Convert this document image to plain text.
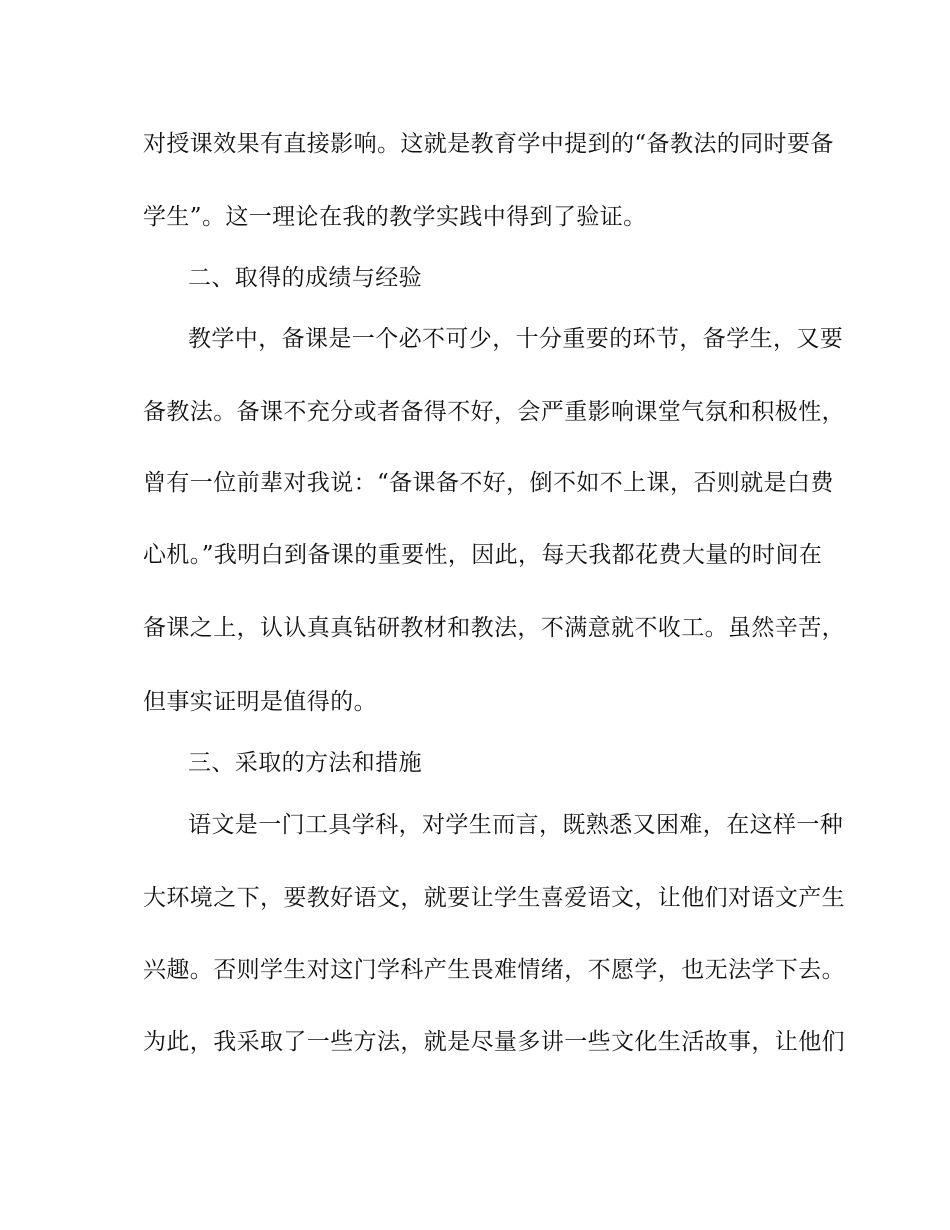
对授课效果有直接影响。这就是教育学中提到的“备教法的同时要备
学生”。这一理论在我的教学实践中得到了验证。
二、取得的成绩与经验
教学中，备课是一个必不可少，十分重要的环节，备学生，又要
备教法。备课不充分或者备得不好，会严重影响课堂气氛和积极性，
曾有一位前辈对我说：“备课备不好，倒不如不上课，否则就是白费
心机。”我明白到备课的重要性，因此，每天我都花费大量的时间在
备课之上，认认真真钻研教材和教法，不满意就不收工。虽然辛苦，
但事实证明是值得的。
三、采取的方法和措施
语文是一门工具学科，对学生而言，既熟悉又困难，在这样一种
大环境之下，要教好语文，就要让学生喜爱语文，让他们对语文产生
兴趣。否则学生对这门学科产生畏难情绪，不愿学，也无法学下去。
为此，我采取了一些方法，就是尽量多讲一些文化生活故事，让他们
